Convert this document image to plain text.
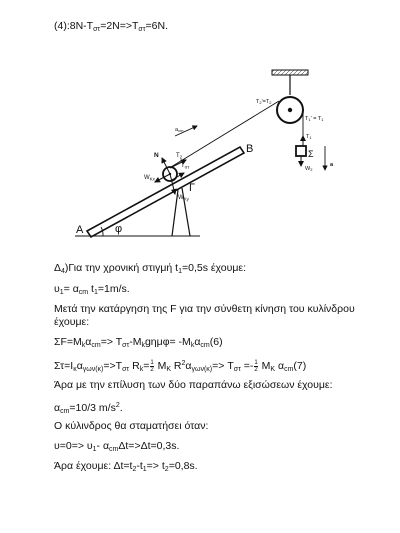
$(4):8N-T_{\sigma\tau}=2N=>T_{\sigma\tau}=6N$.
A	φ
B
Γ
N
$W_{Kx}$
$W_{Ky}$
$T_2$
$T_{\sigma\tau}$
$a_{cm}$
$T_2'=T_2$
$T_1' = T_1$
$T_1$
Σ
$W_\Sigma$
a
$\Delta_4)\Gamma\iota\alpha$ την χρονική στιγμή $t_1=0,5s$ έχουμε:
$\upsilon_1= \alpha_{cm}$ $t_1=1m/s$.
Μετά την κατάργηση της F για την σύνθετη κίνηση του κυλίνδρου
έχουμε:
$\Sigma F=M_k\alpha_{cm}=> T_{\sigma\tau}-M_kg\eta\mu\varphi= -M_k\alpha_{cm}(6)$
$\Sigma\tau=I_\kappa\alpha_{\gamma\omega\nu(\kappa)}=>T_{\sigma\tau}$ $R_k= \frac{1}{2} M_K$ $R^2\alpha_{\gamma\omega\nu(\kappa)}=> T_{\sigma\tau} =- \frac{1}{2} M_K$ $\alpha_{cm}(7)$
Άρα με την επίλυση των δύο παραπάνω εξισώσεων έχουμε:
$\alpha_{cm}=10/3$ $m/s^2$.
Ο κύλινδρος θα σταματήσει όταν:
$\upsilon=0=> \upsilon_1-$ $\alpha_{cm}\Delta t=>\Delta t=0,3s$.
Άρα έχουμε: $\Delta t=t_2-t_1=> t_2=0,8s$.
